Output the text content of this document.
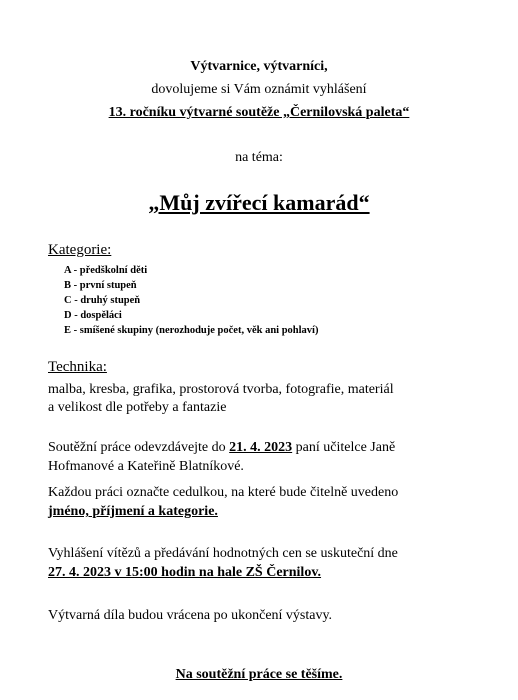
Výtvarnice, výtvarníci,
dovolujeme si Vám oznámit vyhlášení
13. ročníku výtvarné soutěže „Černilovská paleta“
na téma:
„Můj zvířecí kamarád“
Kategorie:
A - předškolní děti
B - první stupeň
C - druhý stupeň
D - dospěláci
E - smíšené skupiny (nerozhoduje počet, věk ani pohlaví)
Technika:
malba, kresba, grafika, prostorová tvorba, fotografie, materiál
a velikost dle potřeby a fantazie
Soutěžní práce odevzdávejte do 21. 4. 2023 paní učitelce Janě
Hofmanové a Kateřině Blatníkové.
Každou práci označte cedulkou, na které bude čitelně uvedeno
jméno, příjmení a kategorie.
Vyhlášení vítězů a předávání hodnotných cen se uskuteční dne
27. 4. 2023 v 15:00 hodin na hale ZŠ Černilov.
Výtvarná díla budou vrácena po ukončení výstavy.
Na soutěžní práce se těšíme.
